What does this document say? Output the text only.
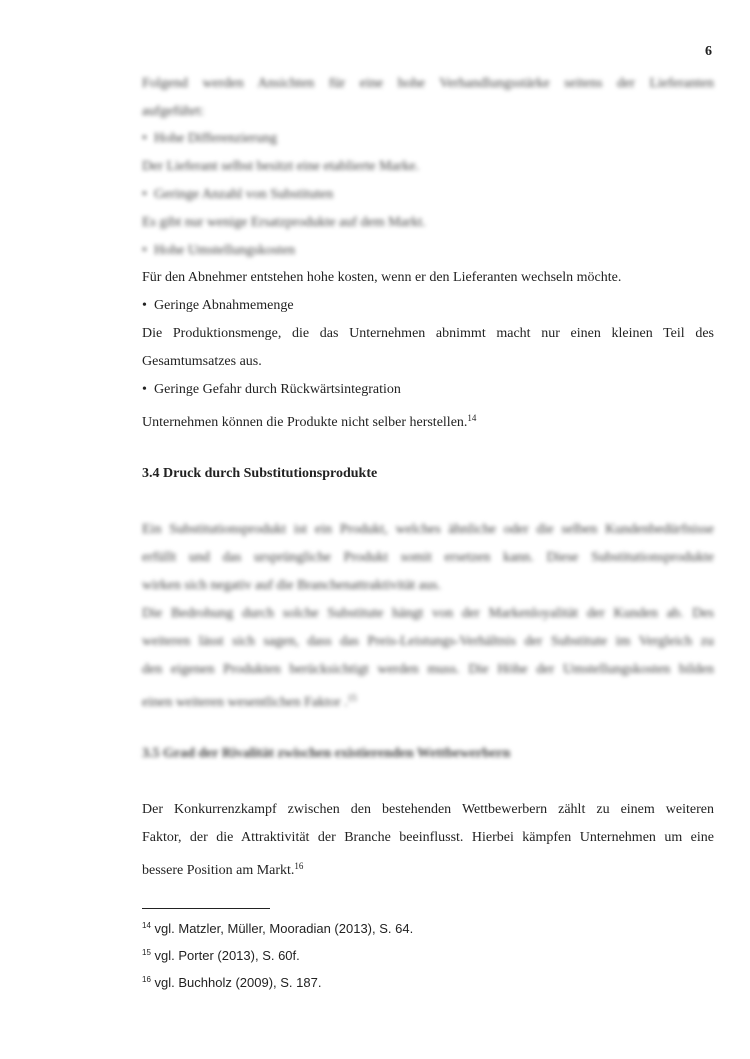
6
Folgend werden Ansichten für eine hohe Verhandlungsstärke seitens der Lieferanten
aufgeführt:
• Hohe Differenzierung
Der Lieferant selbst besitzt eine etablierte Marke.
• Geringe Anzahl von Substituten
Es gibt nur wenige Ersatzprodukte auf dem Markt.
• Hohe Umstellungskosten
Für den Abnehmer entstehen hohe kosten, wenn er den Lieferanten wechseln möchte.
• Geringe Abnahmemenge
Die Produktionsmenge, die das Unternehmen abnimmt macht nur einen kleinen Teil des
Gesamtumsatzes aus.
• Geringe Gefahr durch Rückwärtsintegration
Unternehmen können die Produkte nicht selber herstellen.$^{14}$
3.4 Druck durch Substitutionsprodukte
Ein Substitutionsprodukt ist ein Produkt, welches ähnliche oder die selben Kundenbedürfnisse
erfüllt und das ursprüngliche Produkt somit ersetzen kann. Diese Substitutionsprodukte
wirken sich negativ auf die Branchenattraktivität aus.
Die Bedrohung durch solche Substitute hängt von der Markenloyalität der Kunden ab. Des
weiteren lässt sich sagen, dass das Preis-Leistungs-Verhältnis der Substitute im Vergleich zu
den eigenen Produkten berücksichtigt werden muss. Die Höhe der Umstellungskosten bilden
einen weiteren wesentlichen Faktor .$^{15}$
3.5 Grad der Rivalität zwischen existierenden Wettbewerbern
Der Konkurrenzkampf zwischen den bestehenden Wettbewerbern zählt zu einem weiteren
Faktor, der die Attraktivität der Branche beeinflusst. Hierbei kämpfen Unternehmen um eine
bessere Position am Markt.$^{16}$
$^{14}$ vgl. Matzler, Müller, Mooradian (2013), S. 64.
$^{15}$ vgl. Porter (2013), S. 60f.
$^{16}$ vgl. Buchholz (2009), S. 187.
